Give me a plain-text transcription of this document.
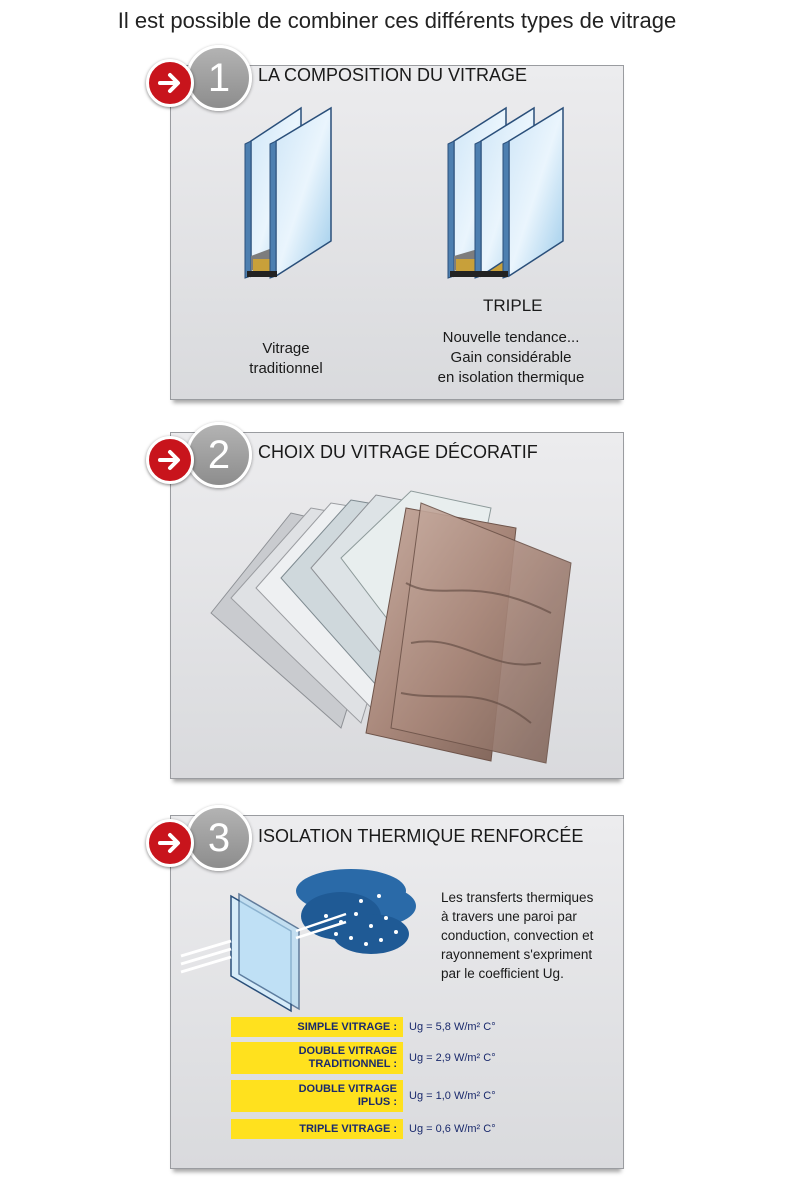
Il est possible de combiner ces différents types de vitrage
Vitrage
traditionnel
TRIPLE
Nouvelle tendance...
Gain considérable
en isolation thermique
1	LA COMPOSITION DU VITRAGE
2	CHOIX DU VITRAGE DÉCORATIF
Les transferts thermiques
à travers une paroi par
conduction, convection et
rayonnement s'expriment
par le coefficient Ug.
SIMPLE VITRAGE :	Ug = 5,8 W/m² C°
DOUBLE VITRAGE
TRADITIONNEL : Ug = 2,9 W/m² C°
DOUBLE VITRAGE
IPLUS : Ug = 1,0 W/m² C°
TRIPLE VITRAGE :	Ug = 0,6 W/m² C°
3	ISOLATION THERMIQUE RENFORCÉE
